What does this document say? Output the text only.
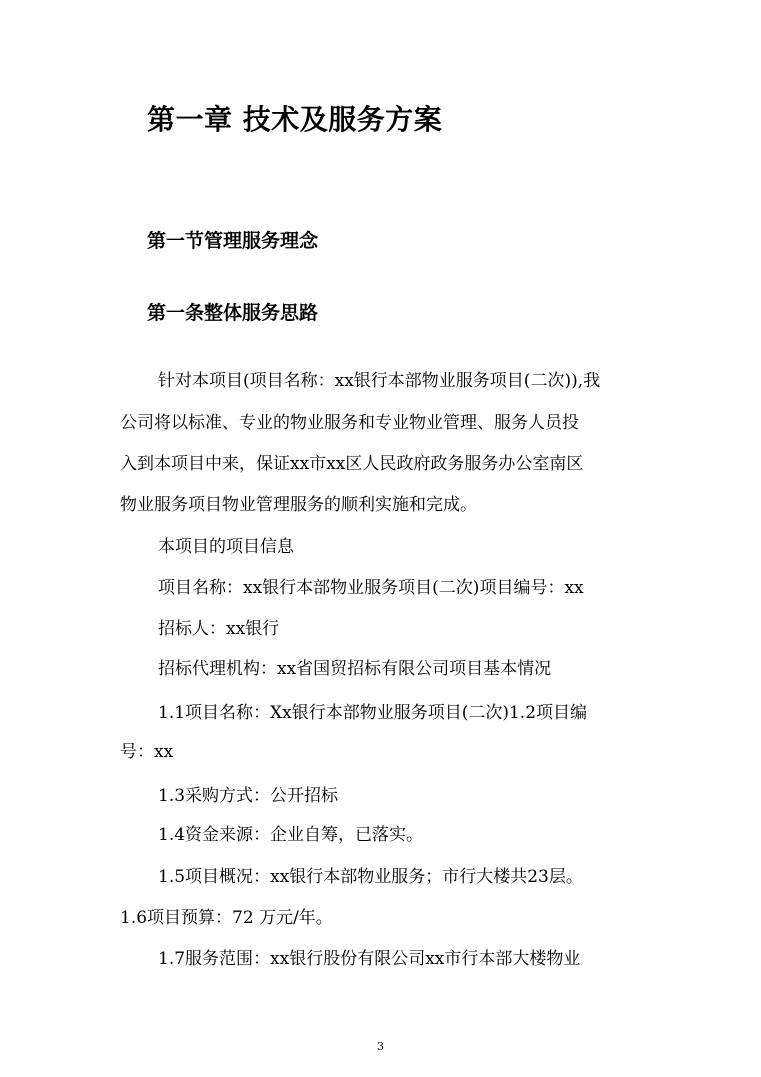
第一章 技术及服务方案
第一节管理服务理念
第一条整体服务思路
针对本项目(项目名称：xx银行本部物业服务项目(二次)),我
公司将以标准、专业的物业服务和专业物业管理、服务人员投
入到本项目中来，保证xx市xx区人民政府政务服务办公室南区
物业服务项目物业管理服务的顺利实施和完成。
本项目的项目信息
项目名称：xx银行本部物业服务项目(二次)项目编号：xx
招标人：xx银行
招标代理机构：xx省国贸招标有限公司项目基本情况
1.1项目名称：Xx银行本部物业服务项目(二次)1.2项目编
号：xx
1.3采购方式：公开招标
1.4资金来源：企业自筹，已落实。
1.5项目概况：xx银行本部物业服务；市行大楼共23层。
1.6项目预算：72 万元/年。
1.7服务范围：xx银行股份有限公司xx市行本部大楼物业
3
